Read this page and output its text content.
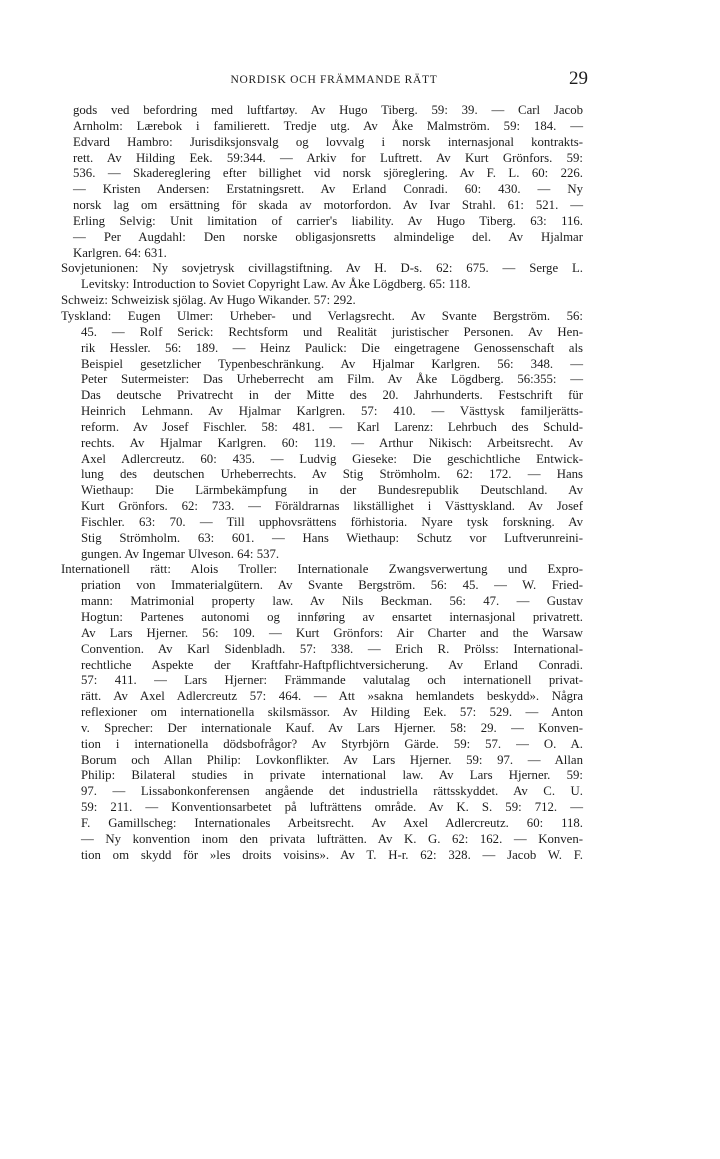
NORDISK OCH FRÄMMANDE RÄTT	29
gods ved befordring med luftfartøy. Av Hugo Tiberg. 59: 39. — Carl Jacob
Arnholm: Lærebok i familierett. Tredje utg. Av Åke Malmström. 59: 184. —
Edvard Hambro: Jurisdiksjonsvalg og lovvalg i norsk internasjonal kontrakts-
rett. Av Hilding Eek. 59:344. — Arkiv for Luftrett. Av Kurt Grönfors. 59:
536. — Skadereglering efter billighet vid norsk sjöreglering. Av F. L. 60: 226.
— Kristen Andersen: Erstatningsrett. Av Erland Conradi. 60: 430. — Ny
norsk lag om ersättning för skada av motorfordon. Av Ivar Strahl. 61: 521. —
Erling Selvig: Unit limitation of carrier's liability. Av Hugo Tiberg. 63: 116.
— Per Augdahl: Den norske obligasjonsretts almindelige del. Av Hjalmar
Karlgren. 64: 631.
Sovjetunionen: Ny sovjetrysk civillagstiftning. Av H. D-s. 62: 675. — Serge L.
Levitsky: Introduction to Soviet Copyright Law. Av Åke Lögdberg. 65: 118.
Schweiz: Schweizisk sjölag. Av Hugo Wikander. 57: 292.
Tyskland: Eugen Ulmer: Urheber- und Verlagsrecht. Av Svante Bergström. 56:
45. — Rolf Serick: Rechtsform und Realität juristischer Personen. Av Hen-
rik Hessler. 56: 189. — Heinz Paulick: Die eingetragene Genossenschaft als
Beispiel gesetzlicher Typenbeschränkung. Av Hjalmar Karlgren. 56: 348. —
Peter Sutermeister: Das Urheberrecht am Film. Av Åke Lögdberg. 56:355: —
Das deutsche Privatrecht in der Mitte des 20. Jahrhunderts. Festschrift für
Heinrich Lehmann. Av Hjalmar Karlgren. 57: 410. — Västtysk familjerätts-
reform. Av Josef Fischler. 58: 481. — Karl Larenz: Lehrbuch des Schuld-
rechts. Av Hjalmar Karlgren. 60: 119. — Arthur Nikisch: Arbeitsrecht. Av
Axel Adlercreutz. 60: 435. — Ludvig Gieseke: Die geschichtliche Entwick-
lung des deutschen Urheberrechts. Av Stig Strömholm. 62: 172. — Hans
Wiethaup: Die Lärmbekämpfung in der Bundesrepublik Deutschland. Av
Kurt Grönfors. 62: 733. — Föräldrarnas likställighet i Västtyskland. Av Josef
Fischler. 63: 70. — Till upphovsrättens förhistoria. Nyare tysk forskning. Av
Stig Strömholm. 63: 601. — Hans Wiethaup: Schutz vor Luftverunreini-
gungen. Av Ingemar Ulveson. 64: 537.
Internationell rätt: Alois Troller: Internationale Zwangsverwertung und Expro-
priation von Immaterialgütern. Av Svante Bergström. 56: 45. — W. Fried-
mann: Matrimonial property law. Av Nils Beckman. 56: 47. — Gustav
Hogtun: Partenes autonomi og innføring av ensartet internasjonal privatrett.
Av Lars Hjerner. 56: 109. — Kurt Grönfors: Air Charter and the Warsaw
Convention. Av Karl Sidenbladh. 57: 338. — Erich R. Prölss: International-
rechtliche Aspekte der Kraftfahr-Haftpflichtversicherung. Av Erland Conradi.
57: 411. — Lars Hjerner: Främmande valutalag och internationell privat-
rätt. Av Axel Adlercreutz 57: 464. — Att »sakna hemlandets beskydd». Några
reflexioner om internationella skilsmässor. Av Hilding Eek. 57: 529. — Anton
v. Sprecher: Der internationale Kauf. Av Lars Hjerner. 58: 29. — Konven-
tion i internationella dödsbofrågor? Av Styrbjörn Gärde. 59: 57. — O. A.
Borum och Allan Philip: Lovkonflikter. Av Lars Hjerner. 59: 97. — Allan
Philip: Bilateral studies in private international law. Av Lars Hjerner. 59:
97. — Lissabonkonferensen angående det industriella rättsskyddet. Av C. U.
59: 211. — Konventionsarbetet på lufträttens område. Av K. S. 59: 712. —
F. Gamillscheg: Internationales Arbeitsrecht. Av Axel Adlercreutz. 60: 118.
— Ny konvention inom den privata lufträtten. Av K. G. 62: 162. — Konven-
tion om skydd för »les droits voisins». Av T. H-r. 62: 328. — Jacob W. F.
